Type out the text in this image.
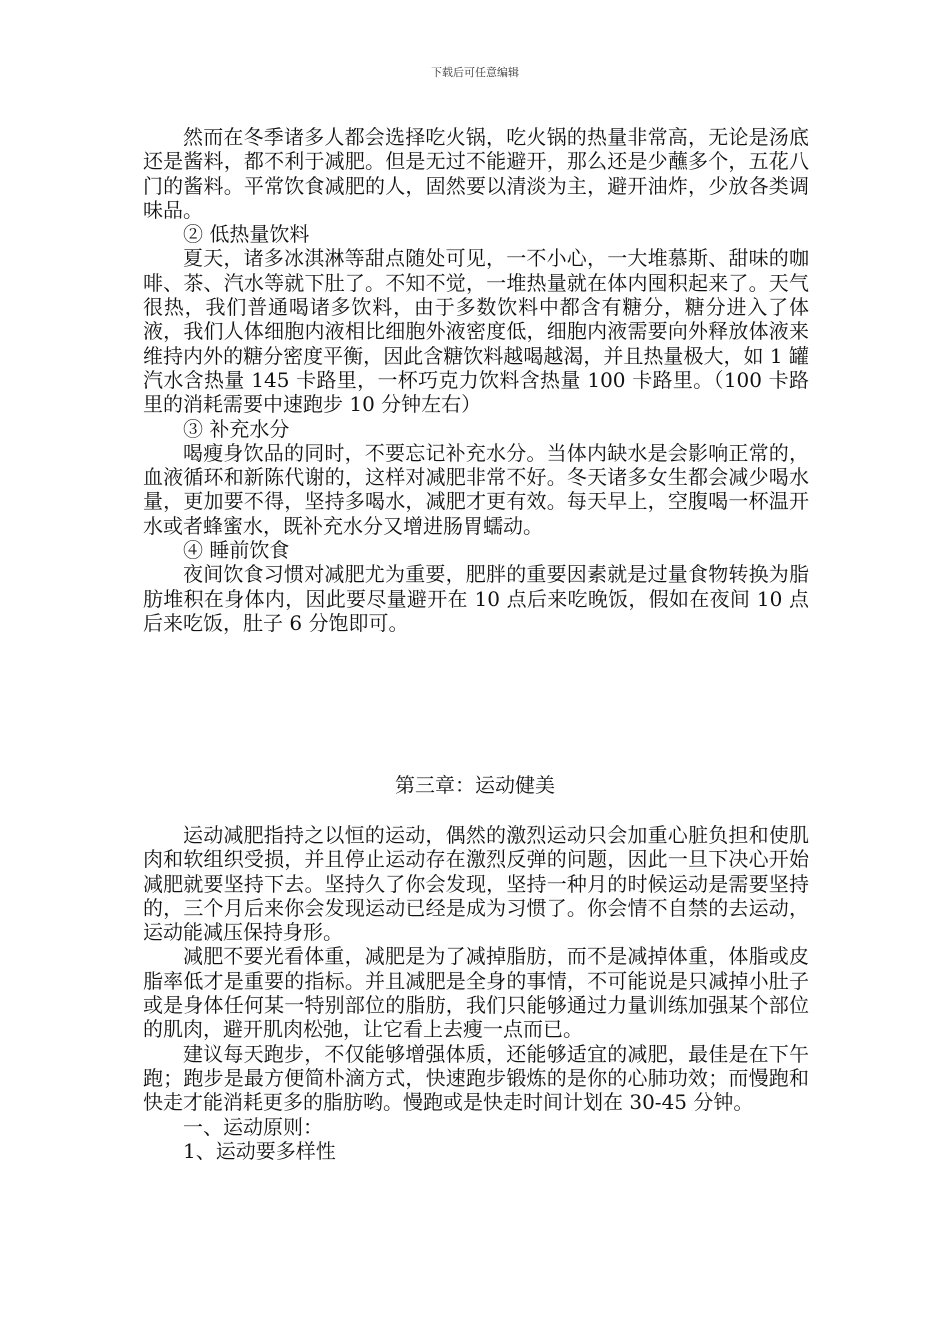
下载后可任意编辑

然而在冬季诸多人都会选择吃火锅，吃火锅的热量非常高，无论是汤底还是酱料，都不利于减肥。但是无过不能避开，那么还是少蘸多个，五花八门的酱料。平常饮食减肥的人，固然要以清淡为主，避开油炸，少放各类调味品。

② 低热量饮料

夏天，诸多冰淇淋等甜点随处可见，一不小心，一大堆慕斯、甜味的咖啡、茶、汽水等就下肚了。不知不觉，一堆热量就在体内囤积起来了。天气很热，我们普通喝诸多饮料，由于多数饮料中都含有糖分，糖分进入了体液，我们人体细胞内液相比细胞外液密度低，细胞内液需要向外释放体液来维持内外的糖分密度平衡，因此含糖饮料越喝越渴，并且热量极大，如 1 罐汽水含热量 145 卡路里，一杯巧克力饮料含热量 100 卡路里。（100 卡路里的消耗需要中速跑步 10 分钟左右）

③ 补充水分

喝瘦身饮品的同时，不要忘记补充水分。当体内缺水是会影响正常的，血液循环和新陈代谢的，这样对减肥非常不好。冬天诸多女生都会减少喝水量，更加要不得，坚持多喝水，减肥才更有效。每天早上，空腹喝一杯温开水或者蜂蜜水，既补充水分又增进肠胃蠕动。

④ 睡前饮食

夜间饮食习惯对减肥尤为重要，肥胖的重要因素就是过量食物转换为脂肪堆积在身体内，因此要尽量避开在 10 点后来吃晚饭，假如在夜间 10 点后来吃饭，肚子 6 分饱即可。

第三章：运动健美

运动减肥指持之以恒的运动，偶然的激烈运动只会加重心脏负担和使肌肉和软组织受损，并且停止运动存在激烈反弹的问题，因此一旦下决心开始减肥就要坚持下去。坚持久了你会发现，坚持一种月的时候运动是需要坚持的，三个月后来你会发现运动已经是成为习惯了。你会情不自禁的去运动，运动能减压保持身形。

减肥不要光看体重，减肥是为了减掉脂肪，而不是减掉体重，体脂或皮脂率低才是重要的指标。并且减肥是全身的事情，不可能说是只减掉小肚子或是身体任何某一特别部位的脂肪，我们只能够通过力量训练加强某个部位的肌肉，避开肌肉松弛，让它看上去瘦一点而已。

建议每天跑步，不仅能够增强体质，还能够适宜的减肥，最佳是在下午跑；跑步是最方便简朴滴方式，快速跑步锻炼的是你的心肺功效；而慢跑和快走才能消耗更多的脂肪哟。慢跑或是快走时间计划在 30-45 分钟。

一、运动原则：

1、运动要多样性
